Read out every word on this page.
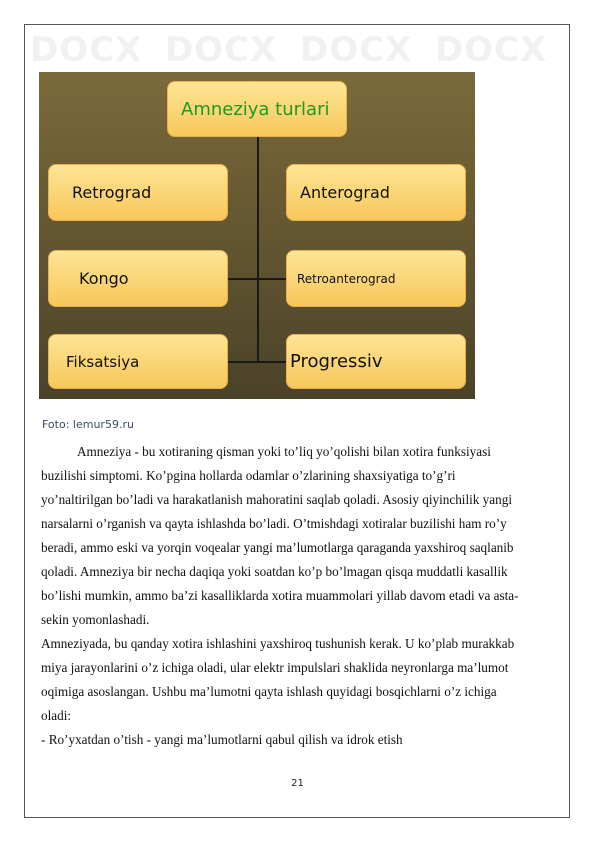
DOCX DOCX DOCX DOCX
Amneziya turlari
Retrograd
Kongo
Fiksatsiya
Anterograd
Retroanterograd
Progressiv
Foto: lemur59.ru
Amneziya - bu xotiraning qisman yoki to’liq yo’qolishi bilan xotira funksiyasi
buzilishi simptomi. Ko’pgina hollarda odamlar o’zlarining shaxsiyatiga to’g’ri
yo’naltirilgan bo’ladi va harakatlanish mahoratini saqlab qoladi. Asosiy qiyinchilik yangi
narsalarni o’rganish va qayta ishlashda bo’ladi. O’tmishdagi xotiralar buzilishi ham ro’y
beradi, ammo eski va yorqin voqealar yangi ma’lumotlarga qaraganda yaxshiroq saqlanib
qoladi. Amneziya bir necha daqiqa yoki soatdan ko’p bo’lmagan qisqa muddatli kasallik
bo’lishi mumkin, ammo ba’zi kasalliklarda xotira muammolari yillab davom etadi va asta-
sekin yomonlashadi.
Amneziyada, bu qanday xotira ishlashini yaxshiroq tushunish kerak. U ko’plab murakkab
miya jarayonlarini o’z ichiga oladi, ular elektr impulslari shaklida neyronlarga ma’lumot
oqimiga asoslangan. Ushbu ma’lumotni qayta ishlash quyidagi bosqichlarni o’z ichiga
oladi:
- Ro’yxatdan o’tish - yangi ma’lumotlarni qabul qilish va idrok etish
21
